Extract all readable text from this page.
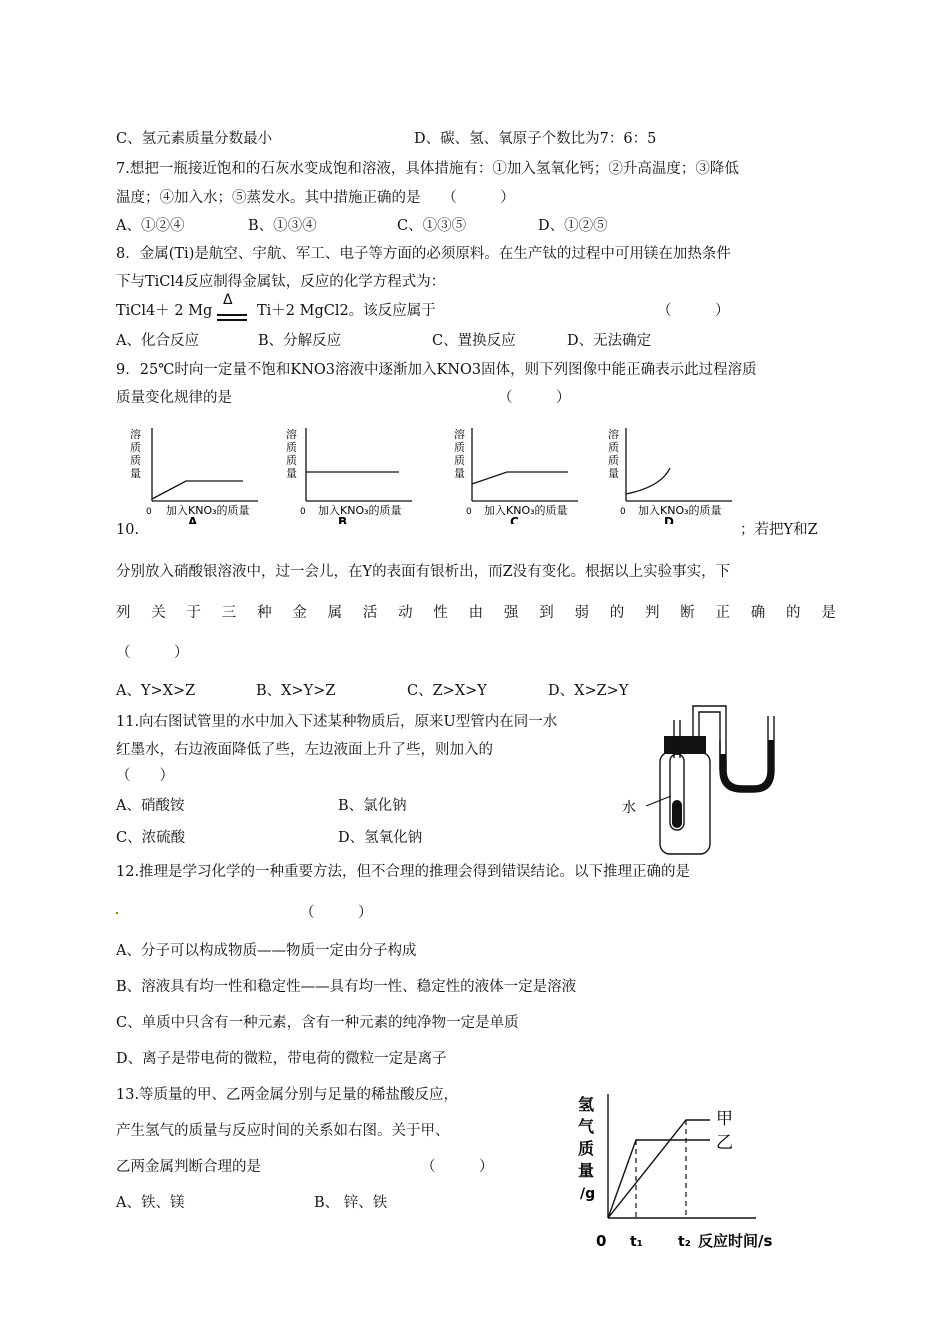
C、氢元素质量分数最小	D、碳、氢、氧原子个数比为7：6：5
7.想把一瓶接近饱和的石灰水变成饱和溶液，具体措施有：①加入氢氧化钙；②升高温度；③降低
温度；④加入水；⑤蒸发水。其中措施正确的是　　（　　　）
A、①②④	B、①③④	C、①③⑤	D、①②⑤
8．金属(Ti)是航空、宇航、军工、电子等方面的必须原料。在生产钛的过程中可用镁在加热条件
下与TiCl4反应制得金属钛，反应的化学方程式为：
TiCl4＋ 2 Mg
Δ
Ti＋2 MgCl2。该反应属于	（　　　）
A、化合反应	B、分解反应	C、置换反应	D、无法确定
9．25℃时向一定量不饱和KNO3溶液中逐渐加入KNO3固体，则下列图像中能正确表示此过程溶质
质量变化规律的是	（　　　）
溶
质
质
量
0 加入KNO₃的质量
A
溶
质
质
量
0 加入KNO₃的质量
B
溶
质
质
量
0 加入KNO₃的质量
C
溶
质
质
量
0 加入KNO₃的质量
D
10.	；若把Y和Z
分别放入硝酸银溶液中，过一会儿，在Y的表面有银析出，而Z没有变化。根据以上实验事实，下
列 关 于 三 种 金 属 活 动 性 由 强 到 弱 的 判 断 正 确 的 是
（　　　）
A、Y>X>Z	B、X>Y>Z	C、Z>X>Y	D、X>Z>Y
11.向右图试管里的水中加入下述某种物质后，原来U型管内在同一水
红墨水，右边液面降低了些，左边液面上升了些，则加入的
（　　）
A、硝酸铵	B、氯化钠
C、浓硫酸	D、氢氧化钠
水
12.推理是学习化学的一种重要方法，但不合理的推理会得到错误结论。以下推理正确的是
（　　　）
A、分子可以构成物质——物质一定由分子构成
B、溶液具有均一性和稳定性——具有均一性、稳定性的液体一定是溶液
C、单质中只含有一种元素，含有一种元素的纯净物一定是单质
D、离子是带电荷的微粒，带电荷的微粒一定是离子
13.等质量的甲、乙两金属分别与足量的稀盐酸反应，
产生氢气的质量与反应时间的关系如右图。关于甲、
乙两金属判断合理的是	（　　　）
A、铁、镁	B、 锌、铁
氢
气
质
量
/g
甲
乙
0 t₁	t₂ 反应时间/s
